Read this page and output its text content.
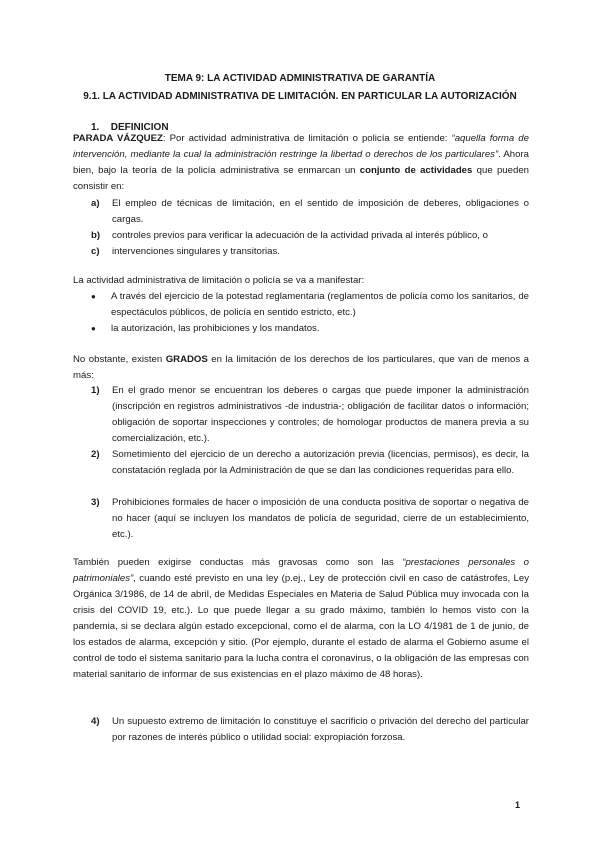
TEMA 9: LA ACTIVIDAD ADMINISTRATIVA DE GARANTÍA
9.1. LA ACTIVIDAD ADMINISTRATIVA DE LIMITACIÓN. EN PARTICULAR LA AUTORIZACIÓN
1. DEFINICION
PARADA VÁZQUEZ: Por actividad administrativa de limitación o policía se entiende: “aquella forma de intervención, mediante la cual la administración restringe la libertad o derechos de los particulares”. Ahora bien, bajo la teoría de la policía administrativa se enmarcan un conjunto de actividades que pueden consistir en:
a)	El empleo de técnicas de limitación, en el sentido de imposición de deberes, obligaciones o cargas.
b)	controles previos para verificar la adecuación de la actividad privada al interés público, o
c)	intervenciones singulares y transitorias.
La actividad administrativa de limitación o policía se va a manifestar:
●	A través del ejercicio de la potestad reglamentaria (reglamentos de policía como los sanitarios, de espectáculos públicos, de policía en sentido estricto, etc.)
●	la autorización, las prohibiciones y los mandatos.
No obstante, existen GRADOS en la limitación de los derechos de los particulares, que van de menos a más:
1)	En el grado menor se encuentran los deberes o cargas que puede imponer la administración (inscripción en registros administrativos -de industria-; obligación de facilitar datos o información; obligación de soportar inspecciones y controles; de homologar productos de manera previa a su comercialización, etc.).
2)	Sometimiento del ejercicio de un derecho a autorización previa (licencias, permisos), es decir, la constatación reglada por la Administración de que se dan las condiciones requeridas para ello.
3)	Prohibiciones formales de hacer o imposición de una conducta positiva de soportar o negativa de no hacer (aquí se incluyen los mandatos de policía de seguridad, cierre de un establecimiento, etc.).
También pueden exigirse conductas más gravosas como son las “prestaciones personales o patrimoniales”, cuando esté previsto en una ley (p.ej., Ley de protección civil en caso de catástrofes, Ley Orgánica 3/1986, de 14 de abril, de Medidas Especiales en Materia de Salud Pública muy invocada con la crisis del COVID 19, etc.). Lo que puede llegar a su grado máximo, también lo hemos visto con la pandemia, si se declara algún estado excepcional, como el de alarma, con la LO 4/1981 de 1 de junio, de los estados de alarma, excepción y sitio. (Por ejemplo, durante el estado de alarma el Gobierno asume el control de todo el sistema sanitario para la lucha contra el coronavirus, o la obligación de las empresas con material sanitario de informar de sus existencias en el plazo máximo de 48 horas).
4)	Un supuesto extremo de limitación lo constituye el sacrificio o privación del derecho del particular por razones de interés público o utilidad social: expropiación forzosa.
1
